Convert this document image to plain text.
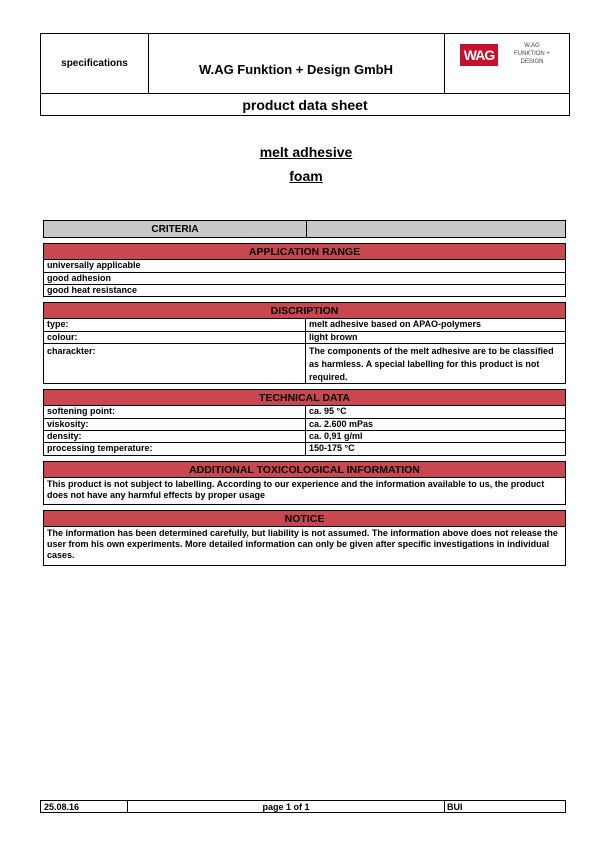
specifications	W.AG Funktion + Design GmbH
WAG
W.AG
FUNKTION +
DESIGN
product data sheet
melt adhesive
foam
CRITERIA
APPLICATION RANGE
universally applicable
good adhesion
good heat resistance
DISCRIPTION
type:	melt adhesive based on APAO-polymers
colour:	light brown
charackter:	The components of the melt adhesive are to be classified as harmless. A special labelling for this product is not required.
TECHNICAL DATA
softening point:	ca. 95 °C
viskosity:	ca. 2.600 mPas
density:	ca. 0,91 g/ml
processing temperature:	150-175 °C
ADDITIONAL TOXICOLOGICAL INFORMATION
This product is not subject to labelling. According to our experience and the information available to us, the product does not have any harmful effects by proper usage
NOTICE
The information has been determined carefully, but liability is not assumed. The information above does not release the user from his own experiments. More detailed information can only be given after specific investigations in individual cases.
25.08.16	page 1 of 1	BUI
